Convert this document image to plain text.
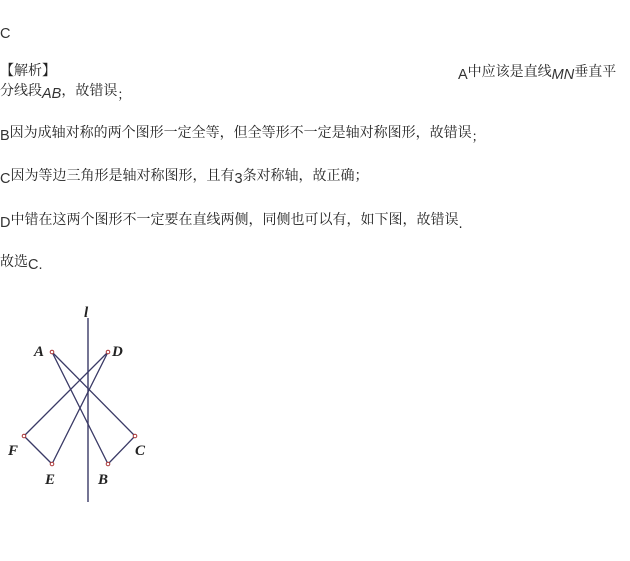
C
【解析】	A中应该是直线MN垂直平
分线段AB，故错误；
B因为成轴对称的两个图形一定全等，但全等形不一定是轴对称图形，故错误；
C因为等边三角形是轴对称图形，且有3条对称轴，故正确；
D中错在这两个图形不一定要在直线两侧，同侧也可以有，如下图，故错误.
故选C.
l
A	D
F	C
E	B
